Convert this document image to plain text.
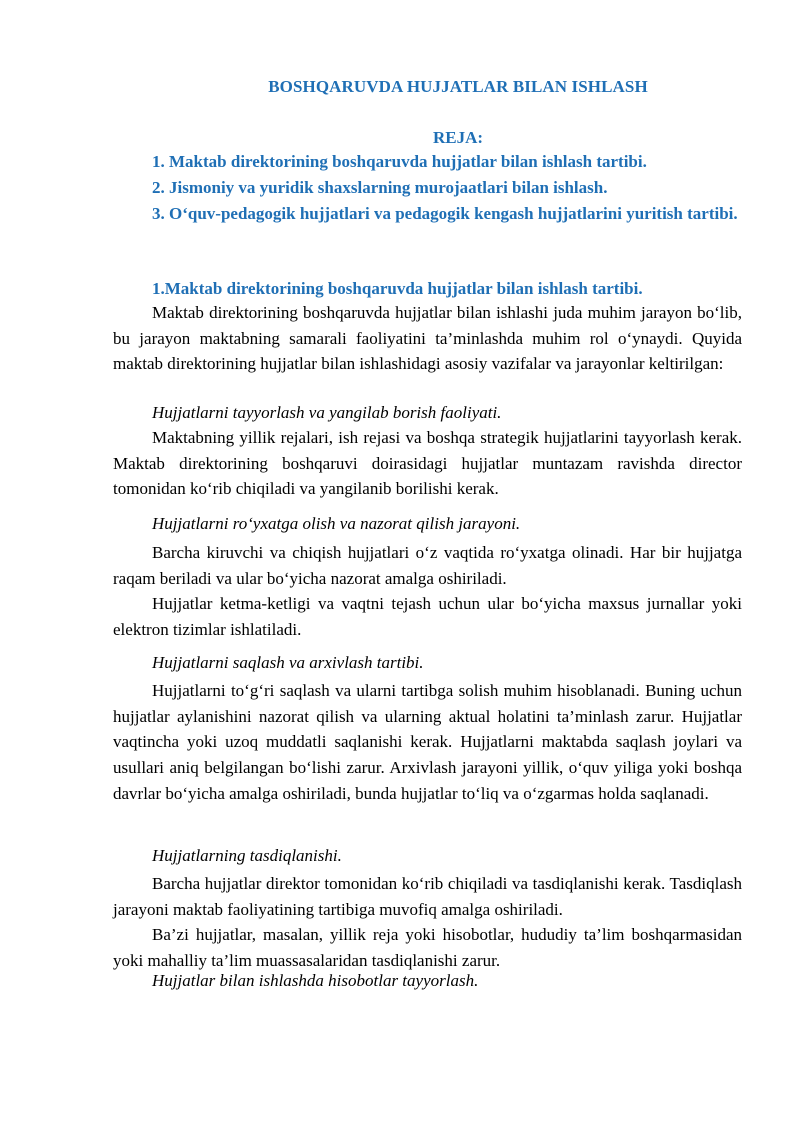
BOSHQARUVDA HUJJATLAR BILAN ISHLASH
REJA:
1. Maktab direktorining boshqaruvda hujjatlar bilan ishlash tartibi.
2. Jismoniy va yuridik shaxslarning murojaatlari bilan ishlash.
3. O‘quv-pedagogik hujjatlari va pedagogik kengash hujjatlarini yuritish tartibi.
1.Maktab direktorining boshqaruvda hujjatlar bilan ishlash tartibi.
Maktab direktorining boshqaruvda hujjatlar bilan ishlashi juda muhim jarayon bo‘lib, bu jarayon maktabning samarali faoliyatini ta’minlashda muhim rol o‘ynaydi. Quyida maktab direktorining hujjatlar bilan ishlashidagi asosiy vazifalar va jarayonlar keltirilgan:
Hujjatlarni tayyorlash va yangilab borish faoliyati.
Maktabning yillik rejalari, ish rejasi va boshqa strategik hujjatlarini tayyorlash kerak. Maktab direktorining boshqaruvi doirasidagi hujjatlar muntazam ravishda director tomonidan ko‘rib chiqiladi va yangilanib borilishi kerak.
Hujjatlarni ro‘yxatga olish va nazorat qilish jarayoni.
Barcha kiruvchi va chiqish hujjatlari o‘z vaqtida ro‘yxatga olinadi. Har bir hujjatga raqam beriladi va ular bo‘yicha nazorat amalga oshiriladi.
Hujjatlar ketma-ketligi va vaqtni tejash uchun ular bo‘yicha maxsus jurnallar yoki elektron tizimlar ishlatiladi.
Hujjatlarni saqlash va arxivlash tartibi.
Hujjatlarni to‘g‘ri saqlash va ularni tartibga solish muhim hisoblanadi. Buning uchun hujjatlar aylanishini nazorat qilish va ularning aktual holatini ta’minlash zarur. Hujjatlar vaqtincha yoki uzoq muddatli saqlanishi kerak. Hujjatlarni maktabda saqlash joylari va usullari aniq belgilangan bo‘lishi zarur. Arxivlash jarayoni yillik, o‘quv yiliga yoki boshqa davrlar bo‘yicha amalga oshiriladi, bunda hujjatlar to‘liq va o‘zgarmas holda saqlanadi.
Hujjatlarning tasdiqlanishi.
Barcha hujjatlar direktor tomonidan ko‘rib chiqiladi va tasdiqlanishi kerak. Tasdiqlash jarayoni maktab faoliyatining tartibiga muvofiq amalga oshiriladi.
Ba’zi hujjatlar, masalan, yillik reja yoki hisobotlar, hududiy ta’lim boshqarmasidan yoki mahalliy ta’lim muassasalaridan tasdiqlanishi zarur.
Hujjatlar bilan ishlashda hisobotlar tayyorlash.
